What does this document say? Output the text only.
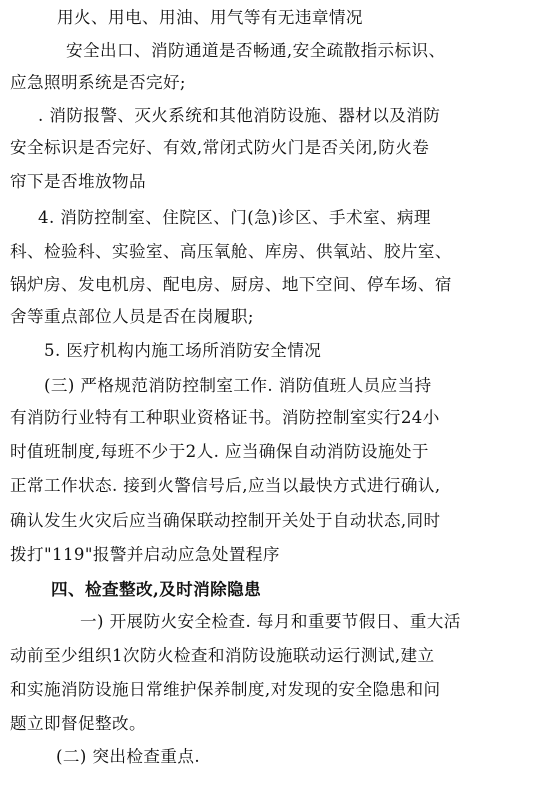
用火、用电、用油、用气等有无违章情况
安全出口、消防通道是否畅通,安全疏散指示标识、
应急照明系统是否完好;
. 消防报警、灭火系统和其他消防设施、器材以及消防
安全标识是否完好、有效,常闭式防火门是否关闭,防火卷
帘下是否堆放物品
4. 消防控制室、住院区、门(急)诊区、手术室、病理
科、检验科、实验室、高压氧舱、库房、供氧站、胶片室、
锅炉房、发电机房、配电房、厨房、地下空间、停车场、宿
舍等重点部位人员是否在岗履职;
5. 医疗机构内施工场所消防安全情况
(三) 严格规范消防控制室工作. 消防值班人员应当持
有消防行业特有工种职业资格证书。消防控制室实行24小
时值班制度,每班不少于2人. 应当确保自动消防设施处于
正常工作状态. 接到火警信号后,应当以最快方式进行确认,
确认发生火灾后应当确保联动控制开关处于自动状态,同时
拨打"119"报警并启动应急处置程序
四、检查整改,及时消除隐患
一) 开展防火安全检查. 每月和重要节假日、重大活
动前至少组织1次防火检查和消防设施联动运行测试,建立
和实施消防设施日常维护保养制度,对发现的安全隐患和问
题立即督促整改。
(二) 突出检查重点.
